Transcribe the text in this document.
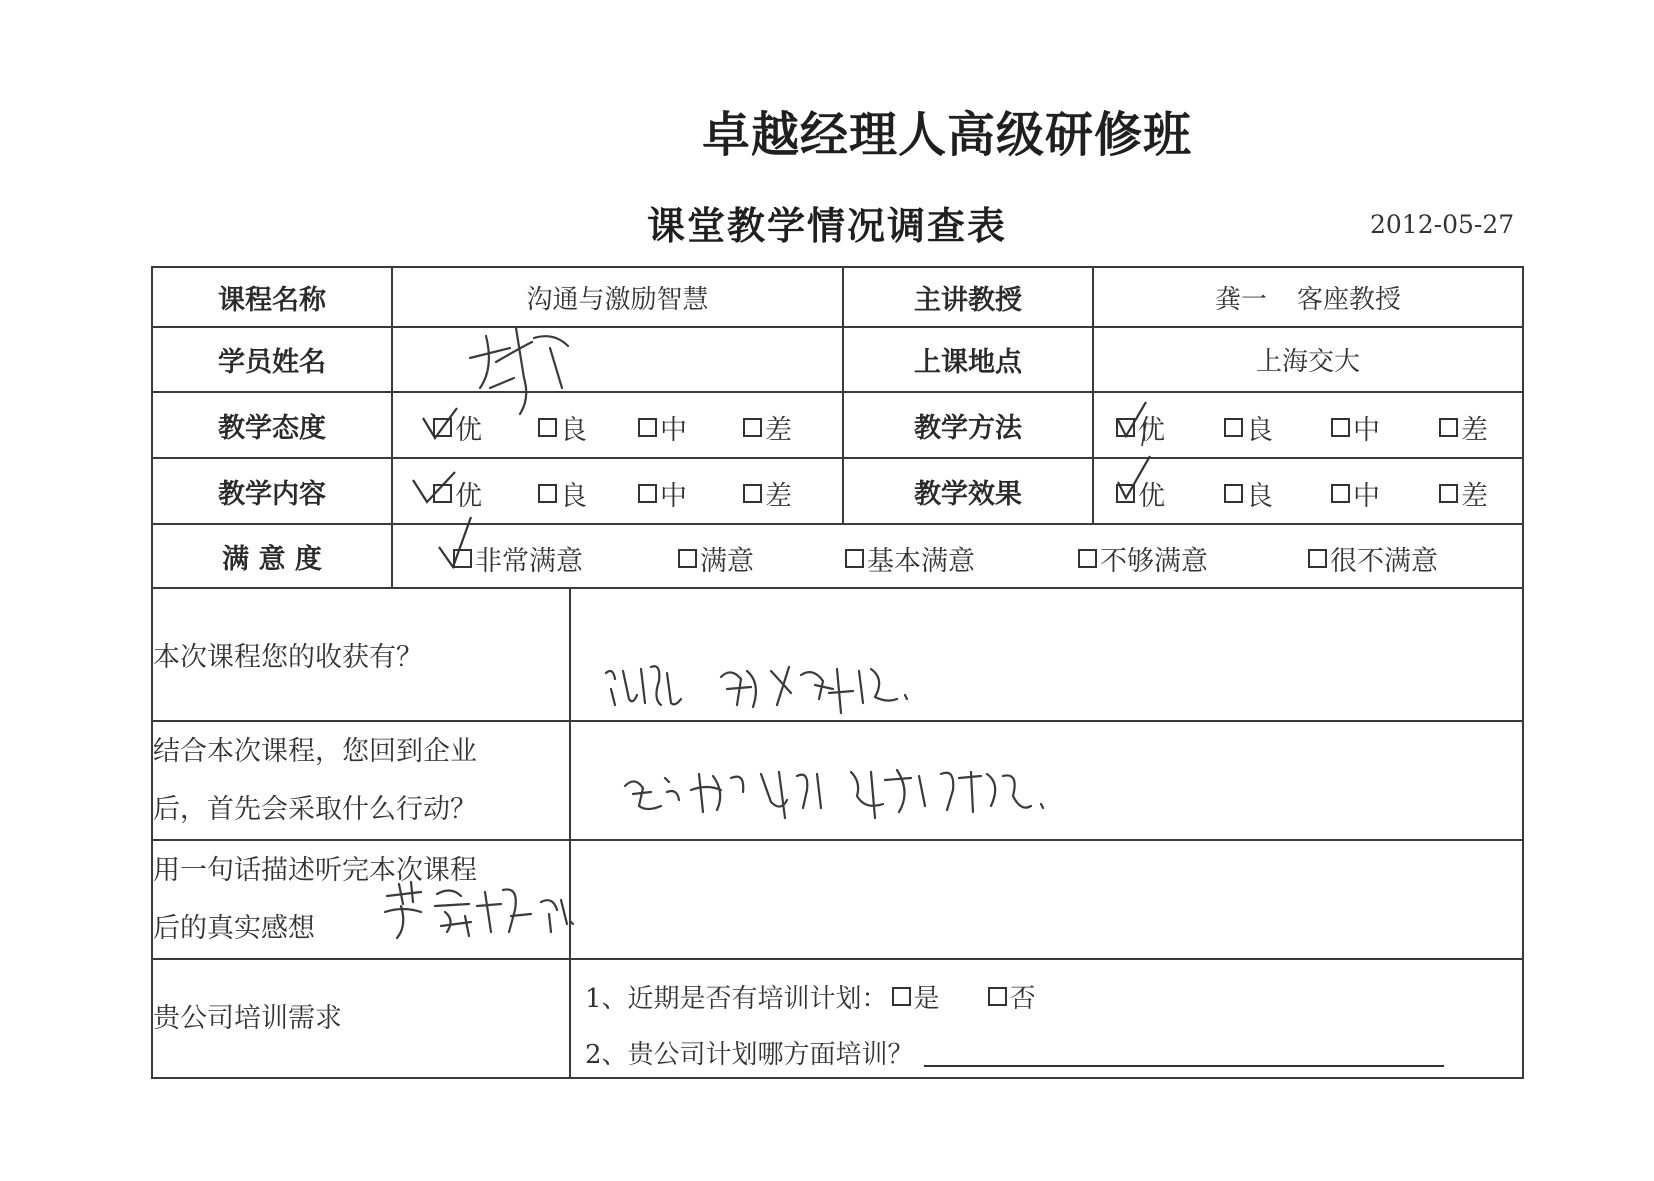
卓越经理人高级研修班
课堂教学情况调查表	2012-05-27
课程名称	沟通与激励智慧		主讲教授	龚一 客座教授
学员姓名			上课地点	上海交大
教学态度	优 良 中 差		教学方法	优 良 中 差

教学内容	优 良 中 差		教学效果	优 良 中 差

满 意 度	非常满意 满意 基本满意 不够满意 很不满意			

本次课程您的收获有？	

结合本次课程，您回到企业
后，首先会采取什么行动？

用一句话描述听完本次课程
后的真实感想

贵公司培训需求		1、近期是否有培训计划： 是 否
2、贵公司计划哪方面培训？		
